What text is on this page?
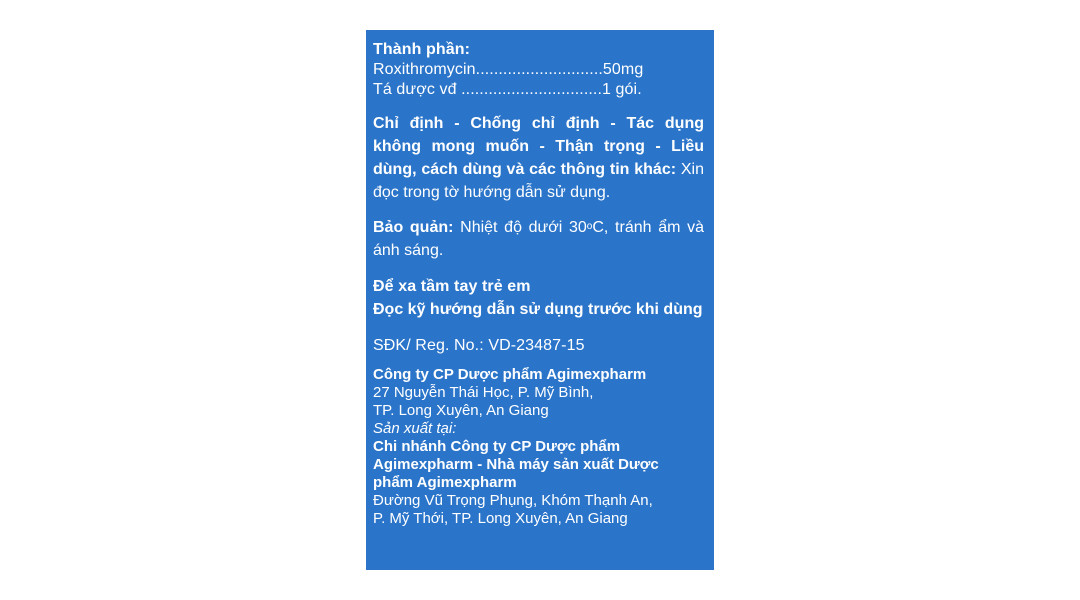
Thành phần:
Roxithromycin............................50mg
Tá dược vđ ...............................1 gói.
Chỉ định - Chống chỉ định - Tác dụng không mong muốn - Thận trọng - Liều dùng, cách dùng và các thông tin khác: Xin đọc trong tờ hướng dẫn sử dụng.
Bảo quản: Nhiệt độ dưới 30$^o$C, tránh ẩm và ánh sáng.
Để xa tầm tay trẻ em
Đọc kỹ hướng dẫn sử dụng trước khi dùng
SĐK/ Reg. No.: VD-23487-15
Công ty CP Dược phẩm Agimexpharm
27 Nguyễn Thái Học, P. Mỹ Bình,
TP. Long Xuyên, An Giang
Sản xuất tại:
Chi nhánh Công ty CP Dược phẩm
Agimexpharm - Nhà máy sản xuất Dược
phẩm Agimexpharm
Đường Vũ Trọng Phụng, Khóm Thạnh An,
P. Mỹ Thới, TP. Long Xuyên, An Giang
